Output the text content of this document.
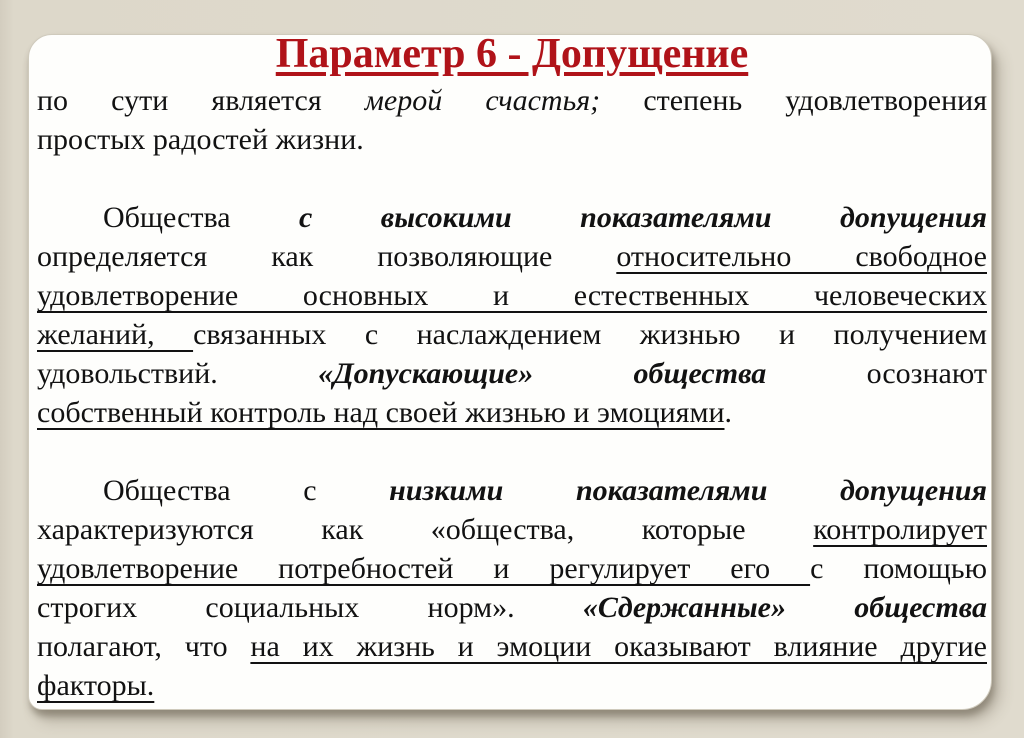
Параметр 6 - Допущение
по сути является мерой счастья; степень удовлетворения
простых радостей жизни.
Общества с высокими показателями допущения
определяется как позволяющие относительно свободное
удовлетворение основных и естественных человеческих
желаний, связанных с наслаждением жизнью и получением
удовольствий. «Допускающие» общества осознают
собственный контроль над своей жизнью и эмоциями.
Общества с низкими показателями допущения
характеризуются как «общества, которые контролирует
удовлетворение потребностей и регулирует его с помощью
строгих социальных норм». «Сдержанные» общества
полагают, что на их жизнь и эмоции оказывают влияние другие
факторы.
